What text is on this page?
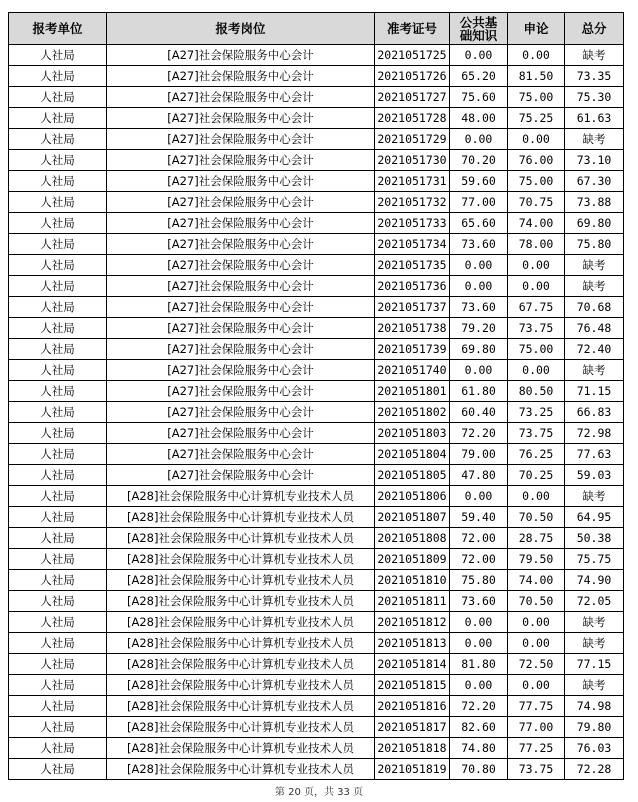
报考单位	报考岗位	准考证号	公共基础知识	申论	总分
人社局	[A27]社会保险服务中心会计	2021051725	0.00	0.00	缺考
人社局	[A27]社会保险服务中心会计	2021051726	65.20	81.50	73.35
人社局	[A27]社会保险服务中心会计	2021051727	75.60	75.00	75.30
人社局	[A27]社会保险服务中心会计	2021051728	48.00	75.25	61.63
人社局	[A27]社会保险服务中心会计	2021051729	0.00	0.00	缺考
人社局	[A27]社会保险服务中心会计	2021051730	70.20	76.00	73.10
人社局	[A27]社会保险服务中心会计	2021051731	59.60	75.00	67.30
人社局	[A27]社会保险服务中心会计	2021051732	77.00	70.75	73.88
人社局	[A27]社会保险服务中心会计	2021051733	65.60	74.00	69.80
人社局	[A27]社会保险服务中心会计	2021051734	73.60	78.00	75.80
人社局	[A27]社会保险服务中心会计	2021051735	0.00	0.00	缺考
人社局	[A27]社会保险服务中心会计	2021051736	0.00	0.00	缺考
人社局	[A27]社会保险服务中心会计	2021051737	73.60	67.75	70.68
人社局	[A27]社会保险服务中心会计	2021051738	79.20	73.75	76.48
人社局	[A27]社会保险服务中心会计	2021051739	69.80	75.00	72.40
人社局	[A27]社会保险服务中心会计	2021051740	0.00	0.00	缺考
人社局	[A27]社会保险服务中心会计	2021051801	61.80	80.50	71.15
人社局	[A27]社会保险服务中心会计	2021051802	60.40	73.25	66.83
人社局	[A27]社会保险服务中心会计	2021051803	72.20	73.75	72.98
人社局	[A27]社会保险服务中心会计	2021051804	79.00	76.25	77.63
人社局	[A27]社会保险服务中心会计	2021051805	47.80	70.25	59.03
人社局	[A28]社会保险服务中心计算机专业技术人员	2021051806	0.00	0.00	缺考
人社局	[A28]社会保险服务中心计算机专业技术人员	2021051807	59.40	70.50	64.95
人社局	[A28]社会保险服务中心计算机专业技术人员	2021051808	72.00	28.75	50.38
人社局	[A28]社会保险服务中心计算机专业技术人员	2021051809	72.00	79.50	75.75
人社局	[A28]社会保险服务中心计算机专业技术人员	2021051810	75.80	74.00	74.90
人社局	[A28]社会保险服务中心计算机专业技术人员	2021051811	73.60	70.50	72.05
人社局	[A28]社会保险服务中心计算机专业技术人员	2021051812	0.00	0.00	缺考
人社局	[A28]社会保险服务中心计算机专业技术人员	2021051813	0.00	0.00	缺考
人社局	[A28]社会保险服务中心计算机专业技术人员	2021051814	81.80	72.50	77.15
人社局	[A28]社会保险服务中心计算机专业技术人员	2021051815	0.00	0.00	缺考
人社局	[A28]社会保险服务中心计算机专业技术人员	2021051816	72.20	77.75	74.98
人社局	[A28]社会保险服务中心计算机专业技术人员	2021051817	82.60	77.00	79.80
人社局	[A28]社会保险服务中心计算机专业技术人员	2021051818	74.80	77.25	76.03
人社局	[A28]社会保险服务中心计算机专业技术人员	2021051819	70.80	73.75	72.28
第 20 页，共 33 页
